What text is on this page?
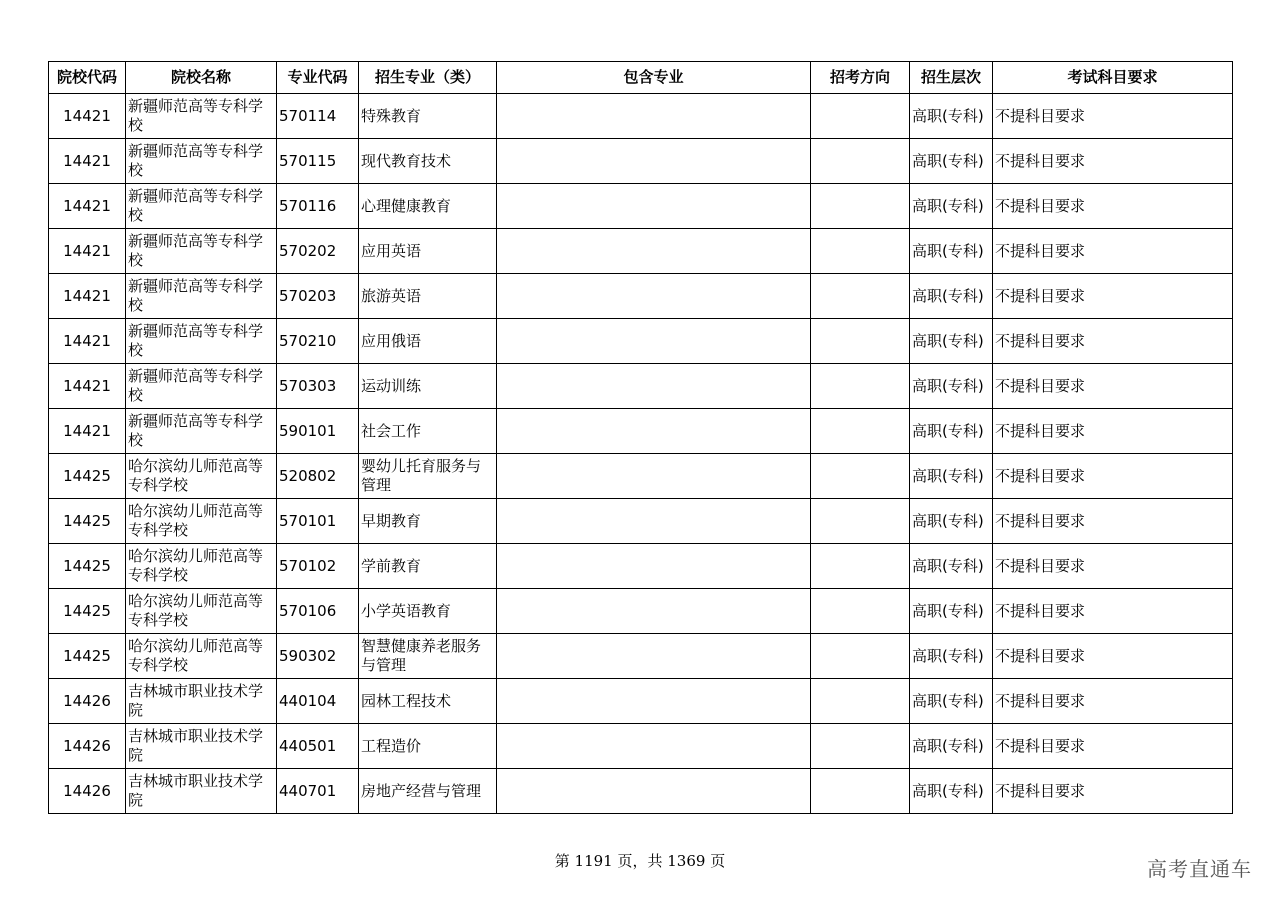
院校代码	院校名称	专业代码	招生专业（类）	包含专业	招考方向	招生层次	考试科目要求
14421	新疆师范高等专科学校	570114	特殊教育			高职(专科)	不提科目要求
14421	新疆师范高等专科学校	570115	现代教育技术			高职(专科)	不提科目要求
14421	新疆师范高等专科学校	570116	心理健康教育			高职(专科)	不提科目要求
14421	新疆师范高等专科学校	570202	应用英语			高职(专科)	不提科目要求
14421	新疆师范高等专科学校	570203	旅游英语			高职(专科)	不提科目要求
14421	新疆师范高等专科学校	570210	应用俄语			高职(专科)	不提科目要求
14421	新疆师范高等专科学校	570303	运动训练			高职(专科)	不提科目要求
14421	新疆师范高等专科学校	590101	社会工作			高职(专科)	不提科目要求
14425	哈尔滨幼儿师范高等专科学校	520802	婴幼儿托育服务与管理			高职(专科)	不提科目要求
14425	哈尔滨幼儿师范高等专科学校	570101	早期教育			高职(专科)	不提科目要求
14425	哈尔滨幼儿师范高等专科学校	570102	学前教育			高职(专科)	不提科目要求
14425	哈尔滨幼儿师范高等专科学校	570106	小学英语教育			高职(专科)	不提科目要求
14425	哈尔滨幼儿师范高等专科学校	590302	智慧健康养老服务与管理			高职(专科)	不提科目要求
14426	吉林城市职业技术学院	440104	园林工程技术			高职(专科)	不提科目要求
14426	吉林城市职业技术学院	440501	工程造价			高职(专科)	不提科目要求
14426	吉林城市职业技术学院	440701	房地产经营与管理			高职(专科)	不提科目要求
第 1191 页，共 1369 页	高考直通车
